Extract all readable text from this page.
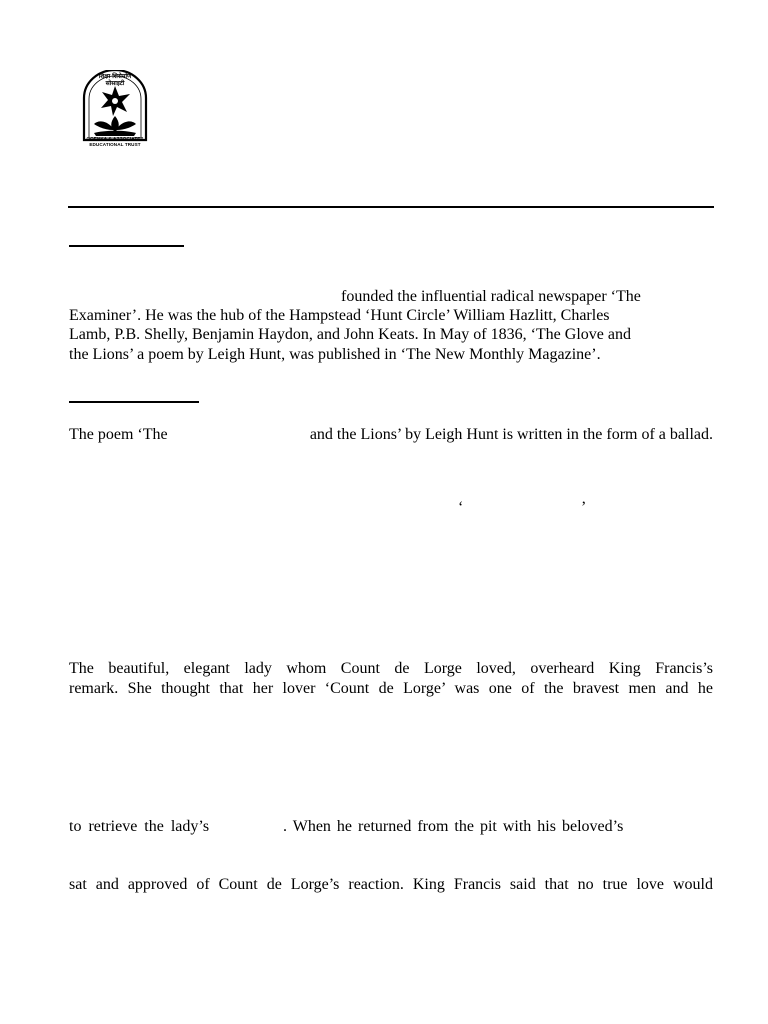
शिक्षा शिरोमणि सोसाइटी
GOENKA & ASSOCIATES
EDUCATIONAL TRUST
founded the influential radical newspaper ‘The
Examiner’. He was the hub of the Hampstead ‘Hunt Circle’ William Hazlitt, Charles
Lamb, P.B. Shelly, Benjamin Haydon, and John Keats. In May of 1836, ‘The Glove and
the Lions’ a poem by Leigh Hunt, was published in ‘The New Monthly Magazine’.
The poem ‘The	and the Lions’ by Leigh Hunt is written in the form of a ballad.
‘	’
The beautiful, elegant lady whom Count de Lorge loved, overheard King Francis’s
remark. She thought that her lover ‘Count de Lorge’ was one of the bravest men and he
to retrieve the lady’s	. When he returned from the pit with his beloved’s
sat and approved of Count de Lorge’s reaction. King Francis said that no true love would
